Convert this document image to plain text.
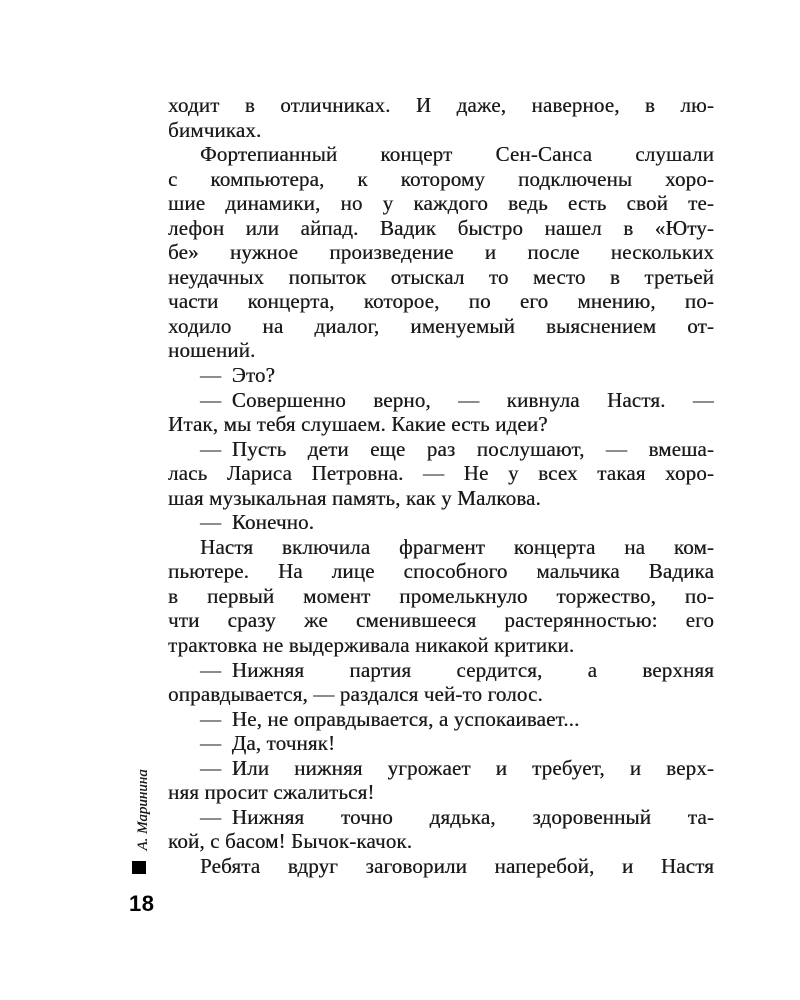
А. Маринина
18
ходит в отличниках. И даже, наверное, в лю-
бимчиках.
Фортепианный концерт Сен-Санса слушали
с компьютера, к которому подключены хоро-
шие динамики, но у каждого ведь есть свой те-
лефон или айпад. Вадик быстро нашел в «Юту-
бе» нужное произведение и после нескольких
неудачных попыток отыскал то место в третьей
части концерта, которое, по его мнению, по-
ходило на диалог, именуемый выяснением от-
ношений.
— Это?
— Совершенно верно, — кивнула Настя. —
Итак, мы тебя слушаем. Какие есть идеи?
— Пусть дети еще раз послушают, — вмеша-
лась Лариса Петровна. — Не у всех такая хоро-
шая музыкальная память, как у Малкова.
— Конечно.
Настя включила фрагмент концерта на ком-
пьютере. На лице способного мальчика Вадика
в первый момент промелькнуло торжество, по-
чти сразу же сменившееся растерянностью: его
трактовка не выдерживала никакой критики.
— Нижняя партия сердится, а верхняя
оправдывается, — раздался чей-то голос.
— Не, не оправдывается, а успокаивает...
— Да, точняк!
— Или нижняя угрожает и требует, и верх-
няя просит сжалиться!
— Нижняя точно дядька, здоровенный та-
кой, с басом! Бычок-качок.
Ребята вдруг заговорили наперебой, и Настя
